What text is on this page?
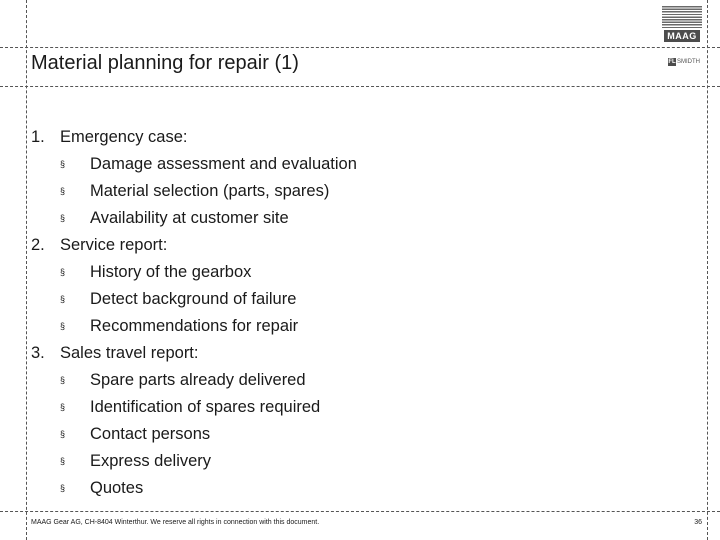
Material planning for repair (1)
MAAG
FLSMIDTH
1. Emergency case:
§ Damage assessment and evaluation
§ Material selection (parts, spares)
§ Availability at customer site
2. Service report:
§ History of the gearbox
§ Detect background of failure
§ Recommendations for repair
3. Sales travel report:
§ Spare parts already delivered
§ Identification of spares required
§ Contact persons
§ Express delivery
§ Quotes
MAAG Gear AG, CH-8404 Winterthur. We reserve all rights in connection with this document.	36
